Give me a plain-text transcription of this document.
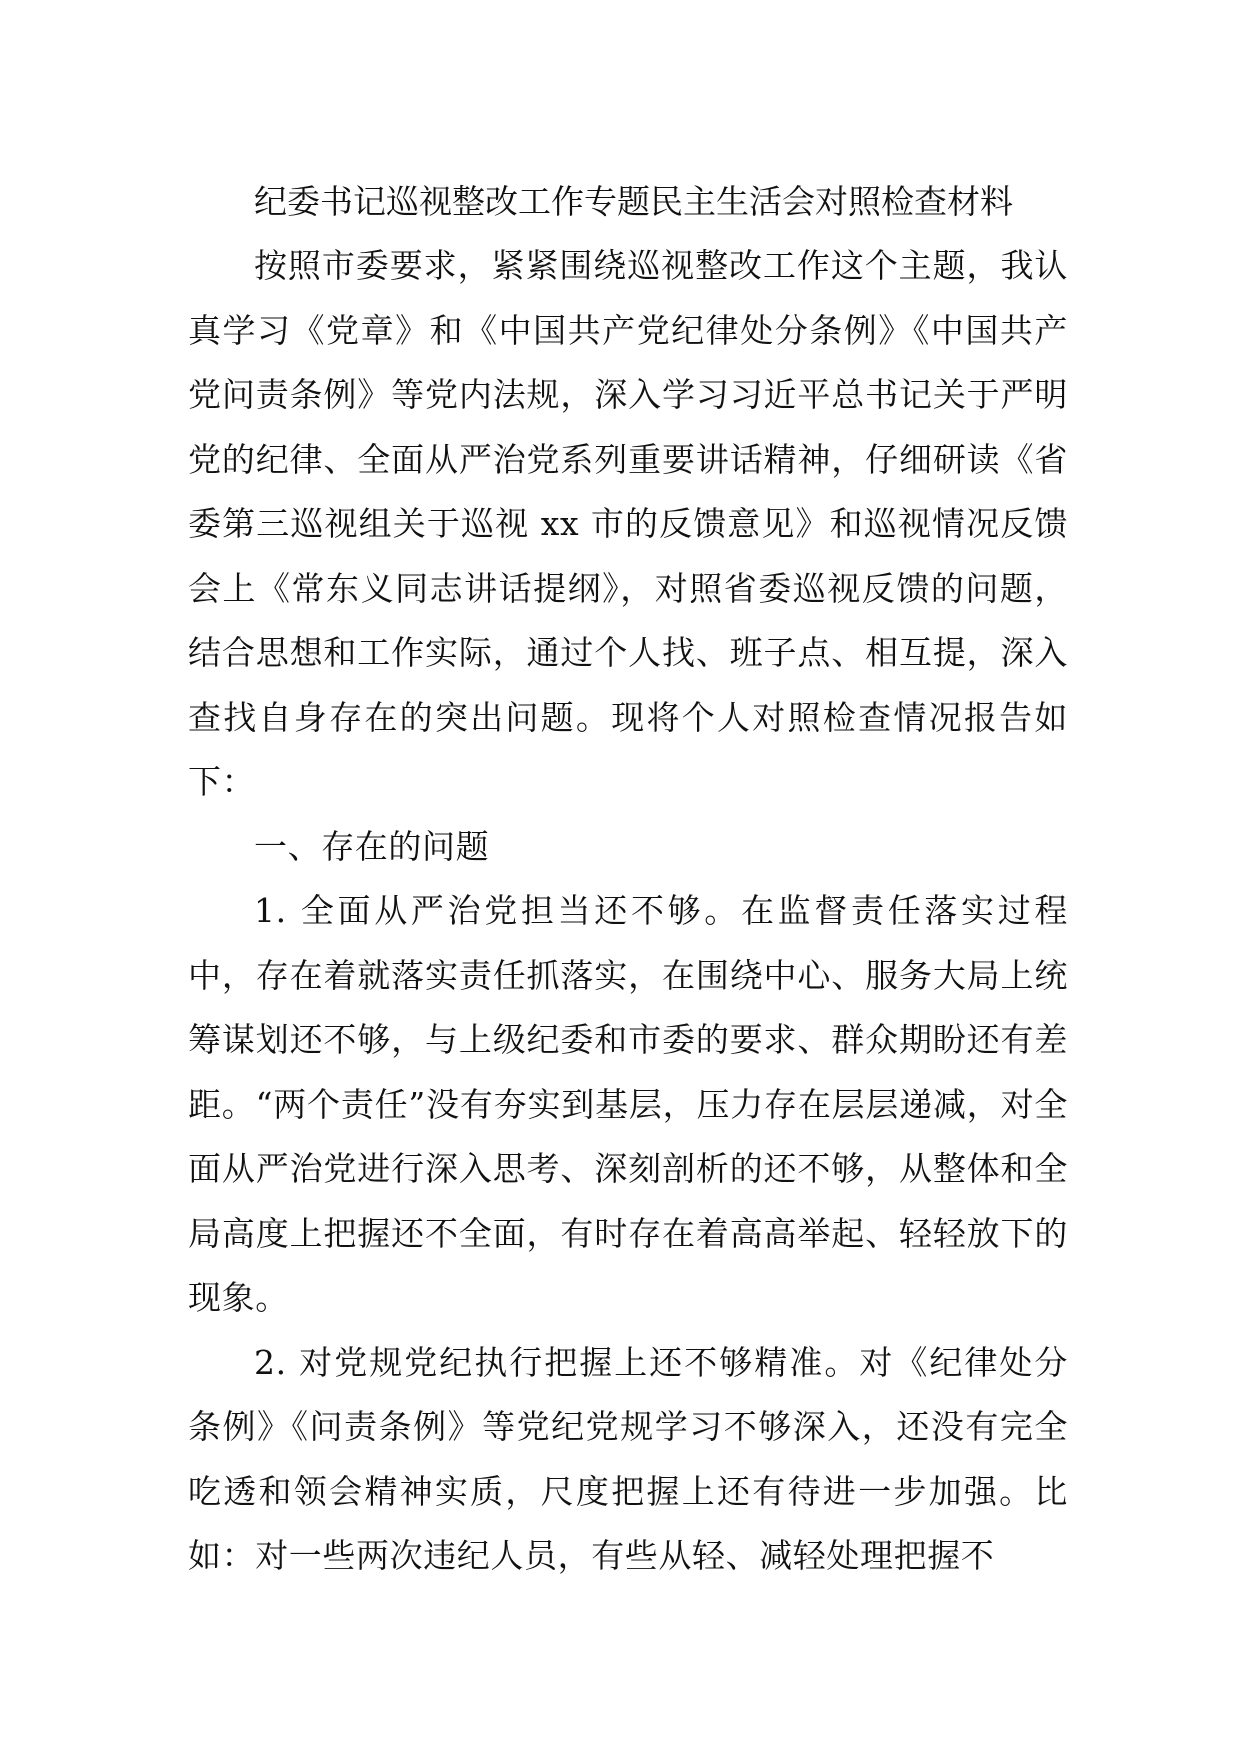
纪委书记巡视整改工作专题民主生活会对照检查材料

按照市委要求，紧紧围绕巡视整改工作这个主题，我认真学习《党章》和《中国共产党纪律处分条例》《中国共产党问责条例》等党内法规，深入学习习近平总书记关于严明党的纪律、全面从严治党系列重要讲话精神，仔细研读《省委第三巡视组关于巡视 xx 市的反馈意见》和巡视情况反馈会上《常东义同志讲话提纲》，对照省委巡视反馈的问题，结合思想和工作实际，通过个人找、班子点、相互提，深入查找自身存在的突出问题。现将个人对照检查情况报告如下：

一、存在的问题

1. 全面从严治党担当还不够。在监督责任落实过程中，存在着就落实责任抓落实，在围绕中心、服务大局上统筹谋划还不够，与上级纪委和市委的要求、群众期盼还有差距。“两个责任”没有夯实到基层，压力存在层层递减，对全面从严治党进行深入思考、深刻剖析的还不够，从整体和全局高度上把握还不全面，有时存在着高高举起、轻轻放下的现象。

2. 对党规党纪执行把握上还不够精准。对《纪律处分条例》《问责条例》等党纪党规学习不够深入，还没有完全吃透和领会精神实质，尺度把握上还有待进一步加强。比如：对一些两次违纪人员，有些从轻、减轻处理把握不
